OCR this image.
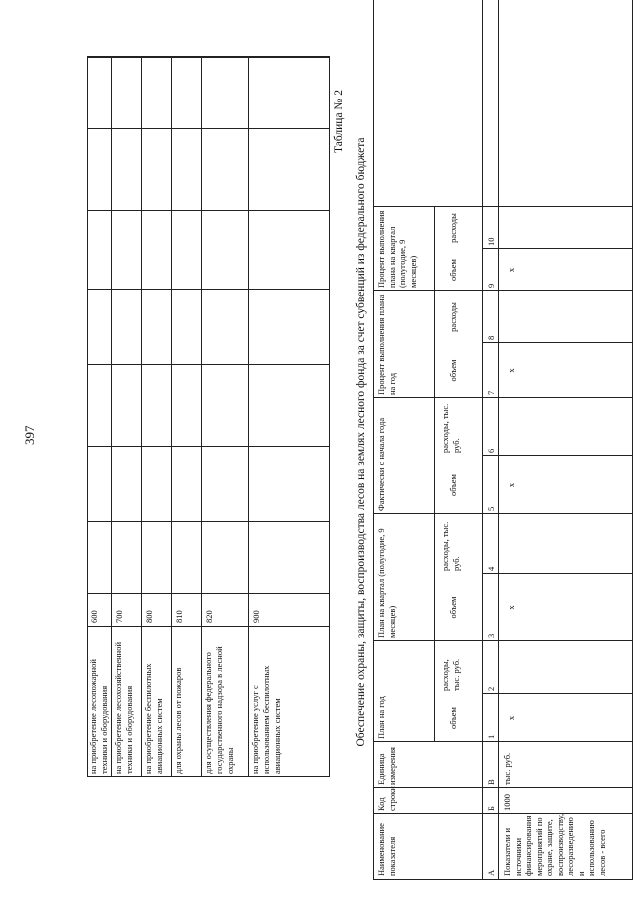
397
на приобретение лесопожарной техники и оборудования
600
на приобретение лесохозяйственной техники и оборудования
700
на приобретение беспилотных авиационных систем
800
для охраны лесов от пожаров
810
для осуществления федерального государственного надзора в лесной охраны
820
на приобретение услуг с использованием беспилотных авиационных систем
900
Таблица № 2
Обеспечение охраны, защиты, воспроизводства лесов на землях лесного фонда за счет субвенций из федерального бюджета
Наименование показателя
Код строки
Единица измерения
План на год
План на квартал (полугодие, 9 месяцев)
Фактически с начала года
Процент выполнения плана на год
Процент выполнения плана на квартал (полугодие, 9 месяцев)
объем
расходы, тыс. руб.
объем
расходы, тыс. руб.
объем
расходы, тыс. руб.
объем
расходы
объем
расходы
А
Б
В
1
2
3
4
5
6
7
8
9
10
Показатели и источники финансирования мероприятий по охране, защите, воспроизводству, лесоразведению и использованию лесов - всего
1000
тыс. руб.
х
х
х
х
х
